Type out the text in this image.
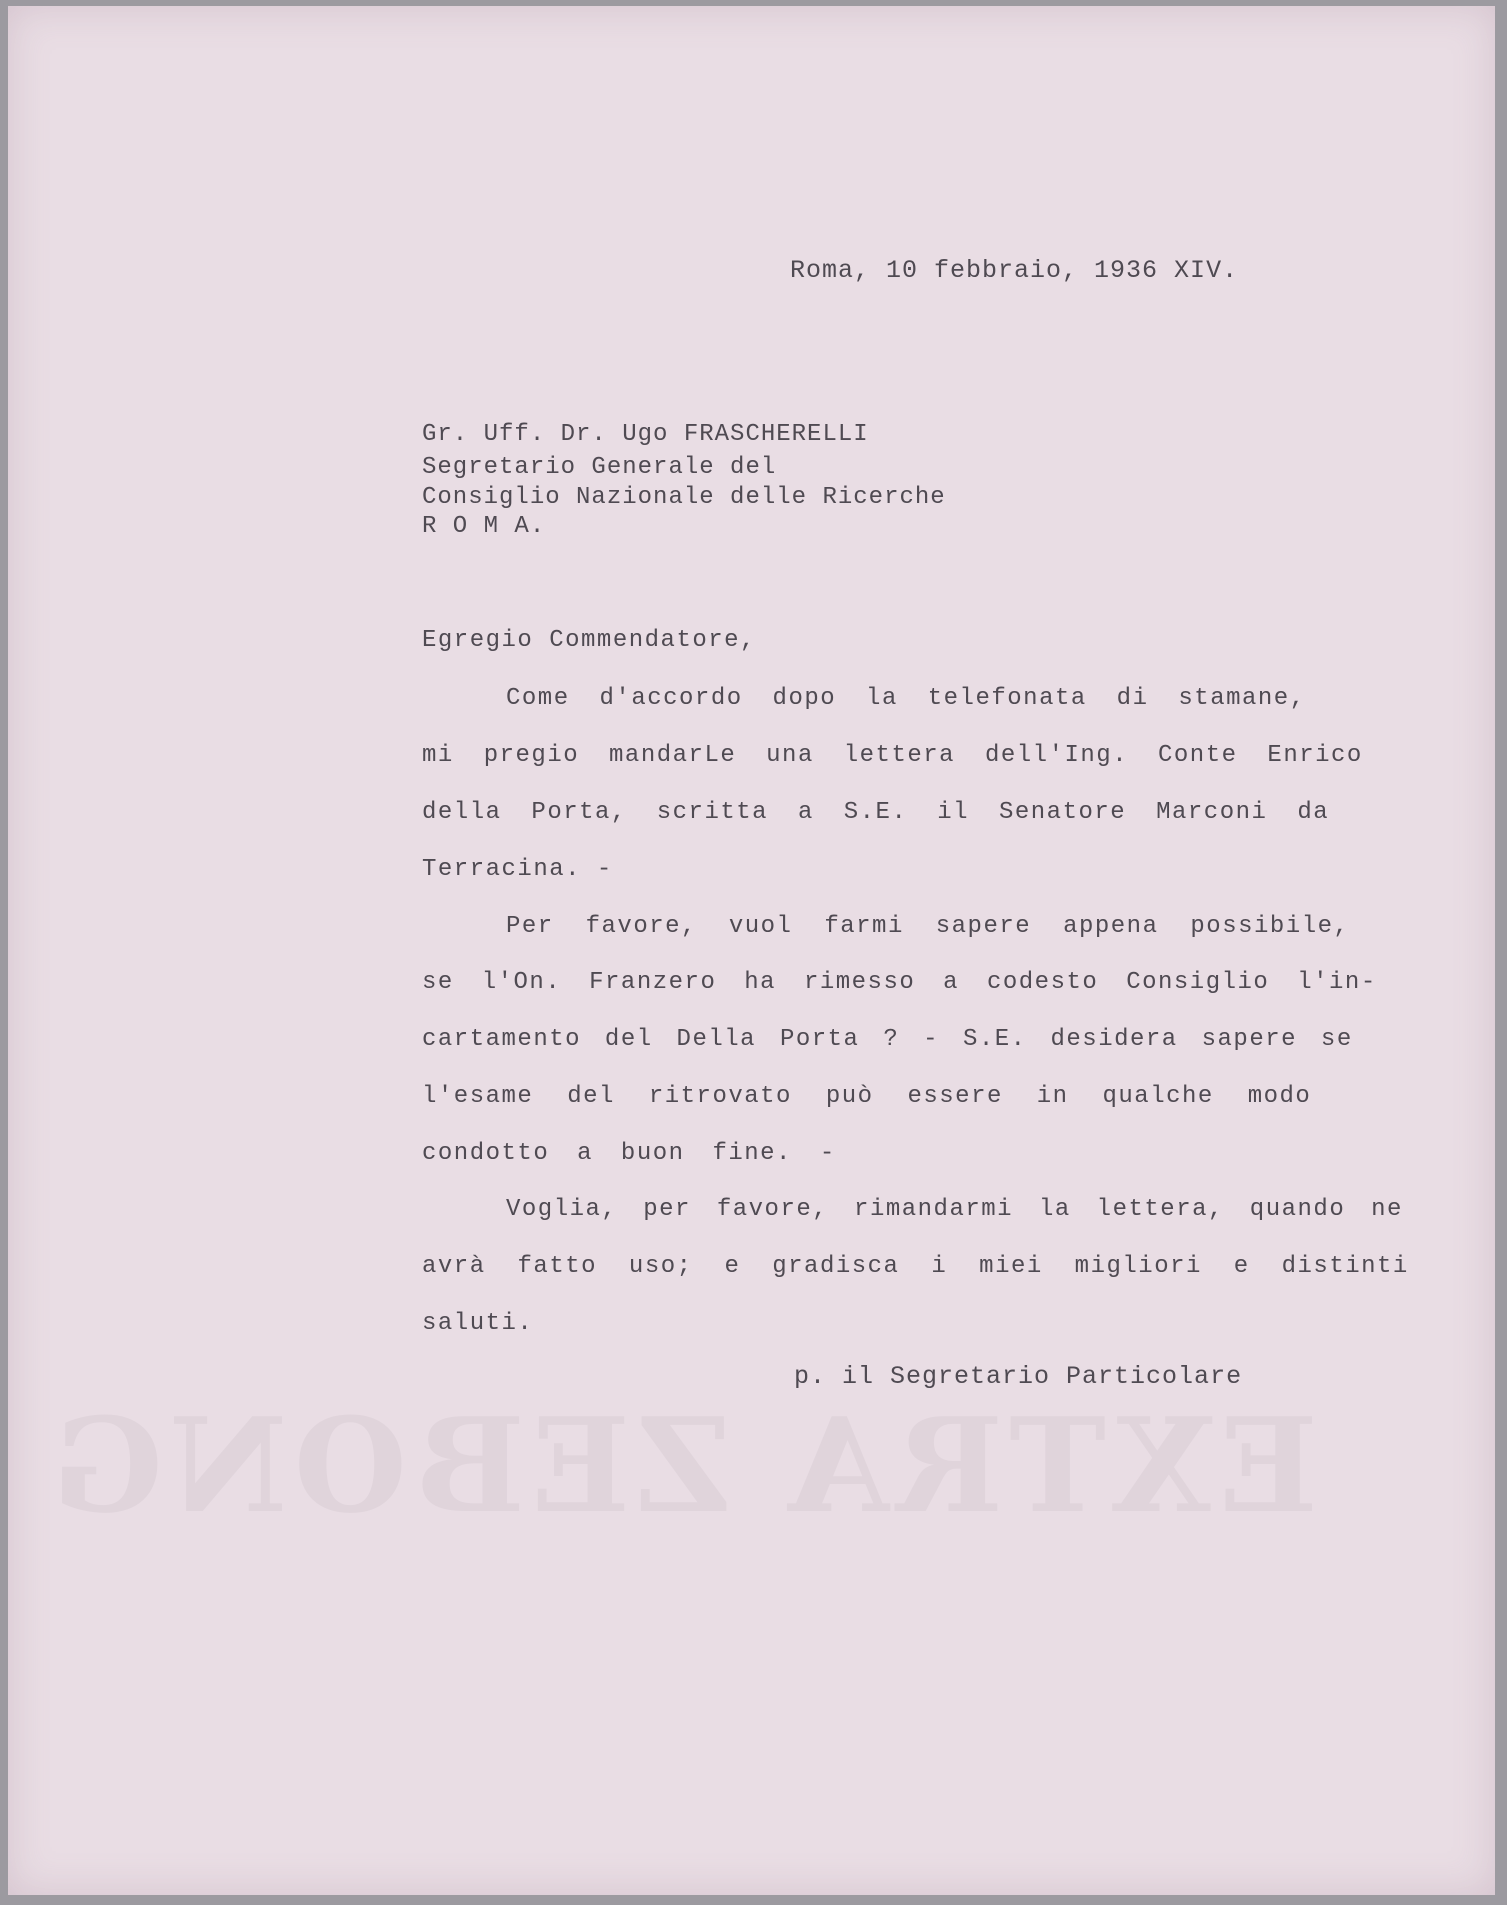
EXTRA ZEBONG
Roma, 10 febbraio, 1936 XIV.
Gr. Uff. Dr. Ugo FRASCHERELLI
Segretario Generale del
Consiglio Nazionale delle Ricerche
R O M A.
Egregio Commendatore,
Come d'accordo dopo la telefonata di stamane,
mi pregio mandarLe una lettera dell'Ing. Conte Enrico
della Porta, scritta a S.E. il Senatore Marconi da
Terracina. -
Per favore, vuol farmi sapere appena possibile,
se l'On. Franzero ha rimesso a codesto Consiglio l'in-
cartamento del Della Porta ? - S.E. desidera sapere se
l'esame del ritrovato può essere in qualche modo
condotto a buon fine. -
Voglia, per favore, rimandarmi la lettera, quando ne
avrà fatto uso; e gradisca i miei migliori e distinti
saluti.
p. il Segretario Particolare
